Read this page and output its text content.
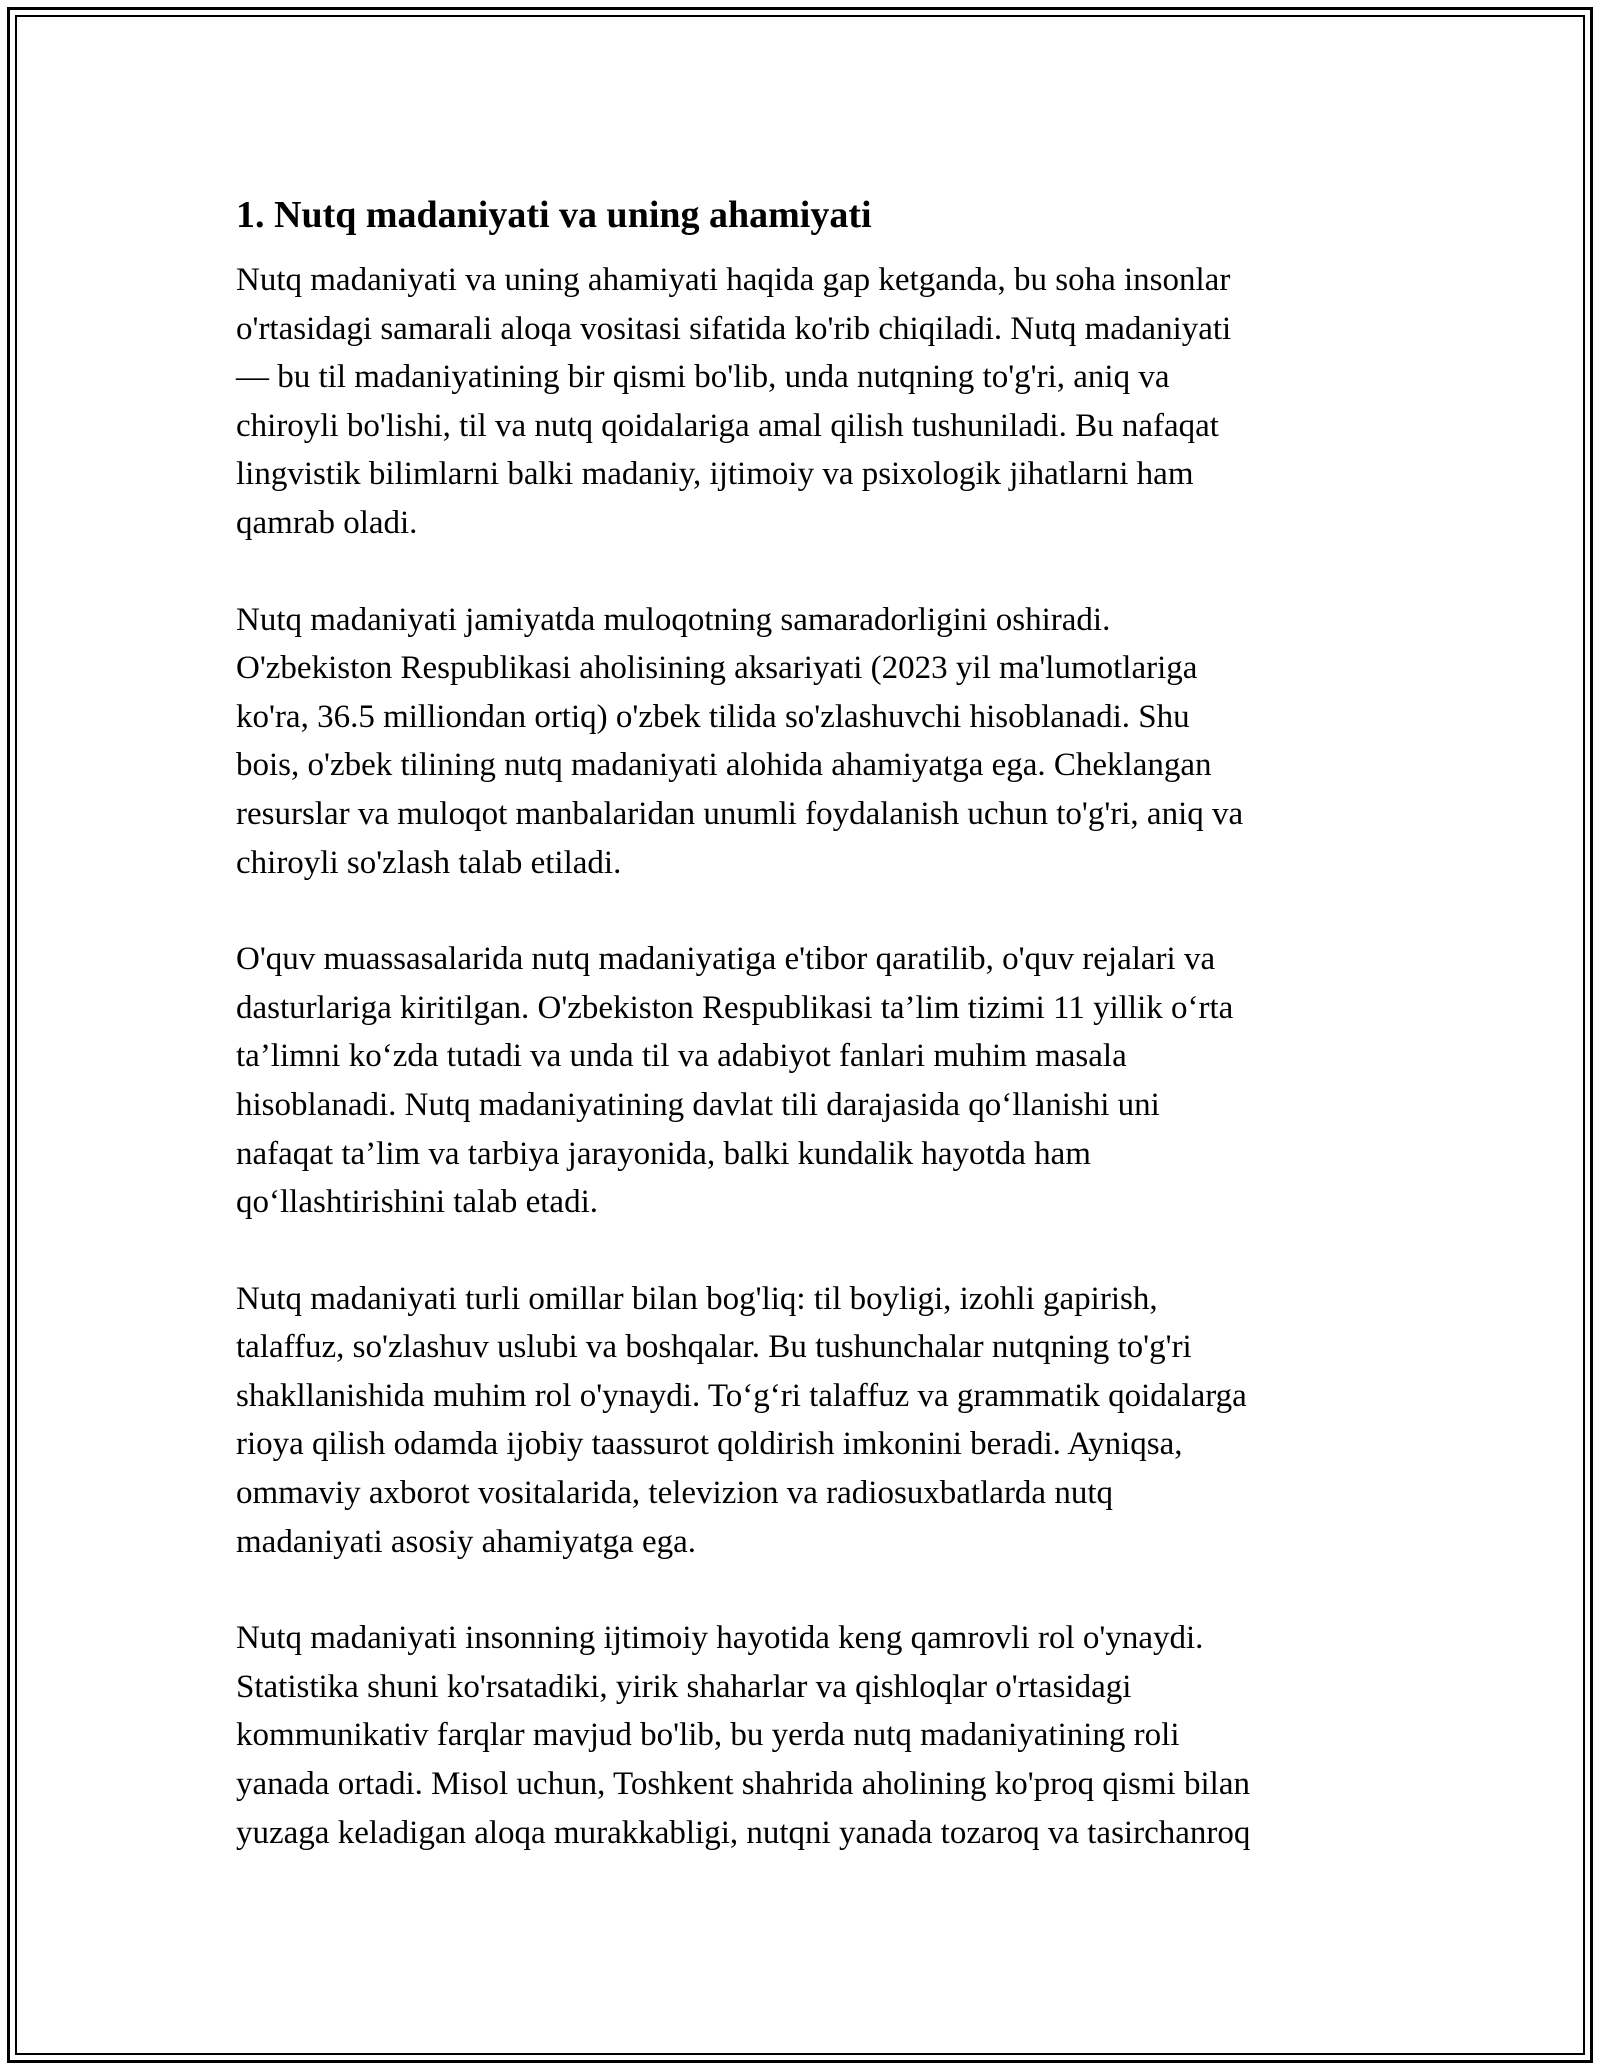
1. Nutq madaniyati va uning ahamiyati

Nutq madaniyati va uning ahamiyati haqida gap ketganda, bu soha insonlar
o'rtasidagi samarali aloqa vositasi sifatida ko'rib chiqiladi. Nutq madaniyati
— bu til madaniyatining bir qismi bo'lib, unda nutqning to'g'ri, aniq va
chiroyli bo'lishi, til va nutq qoidalariga amal qilish tushuniladi. Bu nafaqat
lingvistik bilimlarni balki madaniy, ijtimoiy va psixologik jihatlarni ham
qamrab oladi.

Nutq madaniyati jamiyatda muloqotning samaradorligini oshiradi.
O'zbekiston Respublikasi aholisining aksariyati (2023 yil ma'lumotlariga
ko'ra, 36.5 milliondan ortiq) o'zbek tilida so'zlashuvchi hisoblanadi. Shu
bois, o'zbek tilining nutq madaniyati alohida ahamiyatga ega. Cheklangan
resurslar va muloqot manbalaridan unumli foydalanish uchun to'g'ri, aniq va
chiroyli so'zlash talab etiladi.

O'quv muassasalarida nutq madaniyatiga e'tibor qaratilib, o'quv rejalari va
dasturlariga kiritilgan. O'zbekiston Respublikasi ta’lim tizimi 11 yillik o‘rta
ta’limni ko‘zda tutadi va unda til va adabiyot fanlari muhim masala
hisoblanadi. Nutq madaniyatining davlat tili darajasida qo‘llanishi uni
nafaqat ta’lim va tarbiya jarayonida, balki kundalik hayotda ham
qo‘llashtirishini talab etadi.

Nutq madaniyati turli omillar bilan bog'liq: til boyligi, izohli gapirish,
talaffuz, so'zlashuv uslubi va boshqalar. Bu tushunchalar nutqning to'g'ri
shakllanishida muhim rol o'ynaydi. To‘g‘ri talaffuz va grammatik qoidalarga
rioya qilish odamda ijobiy taassurot qoldirish imkonini beradi. Ayniqsa,
ommaviy axborot vositalarida, televizion va radiosuxbatlarda nutq
madaniyati asosiy ahamiyatga ega.

Nutq madaniyati insonning ijtimoiy hayotida keng qamrovli rol o'ynaydi.
Statistika shuni ko'rsatadiki, yirik shaharlar va qishloqlar o'rtasidagi
kommunikativ farqlar mavjud bo'lib, bu yerda nutq madaniyatining roli
yanada ortadi. Misol uchun, Toshkent shahrida aholining ko'proq qismi bilan
yuzaga keladigan aloqa murakkabligi, nutqni yanada tozaroq va tasirchanroq
